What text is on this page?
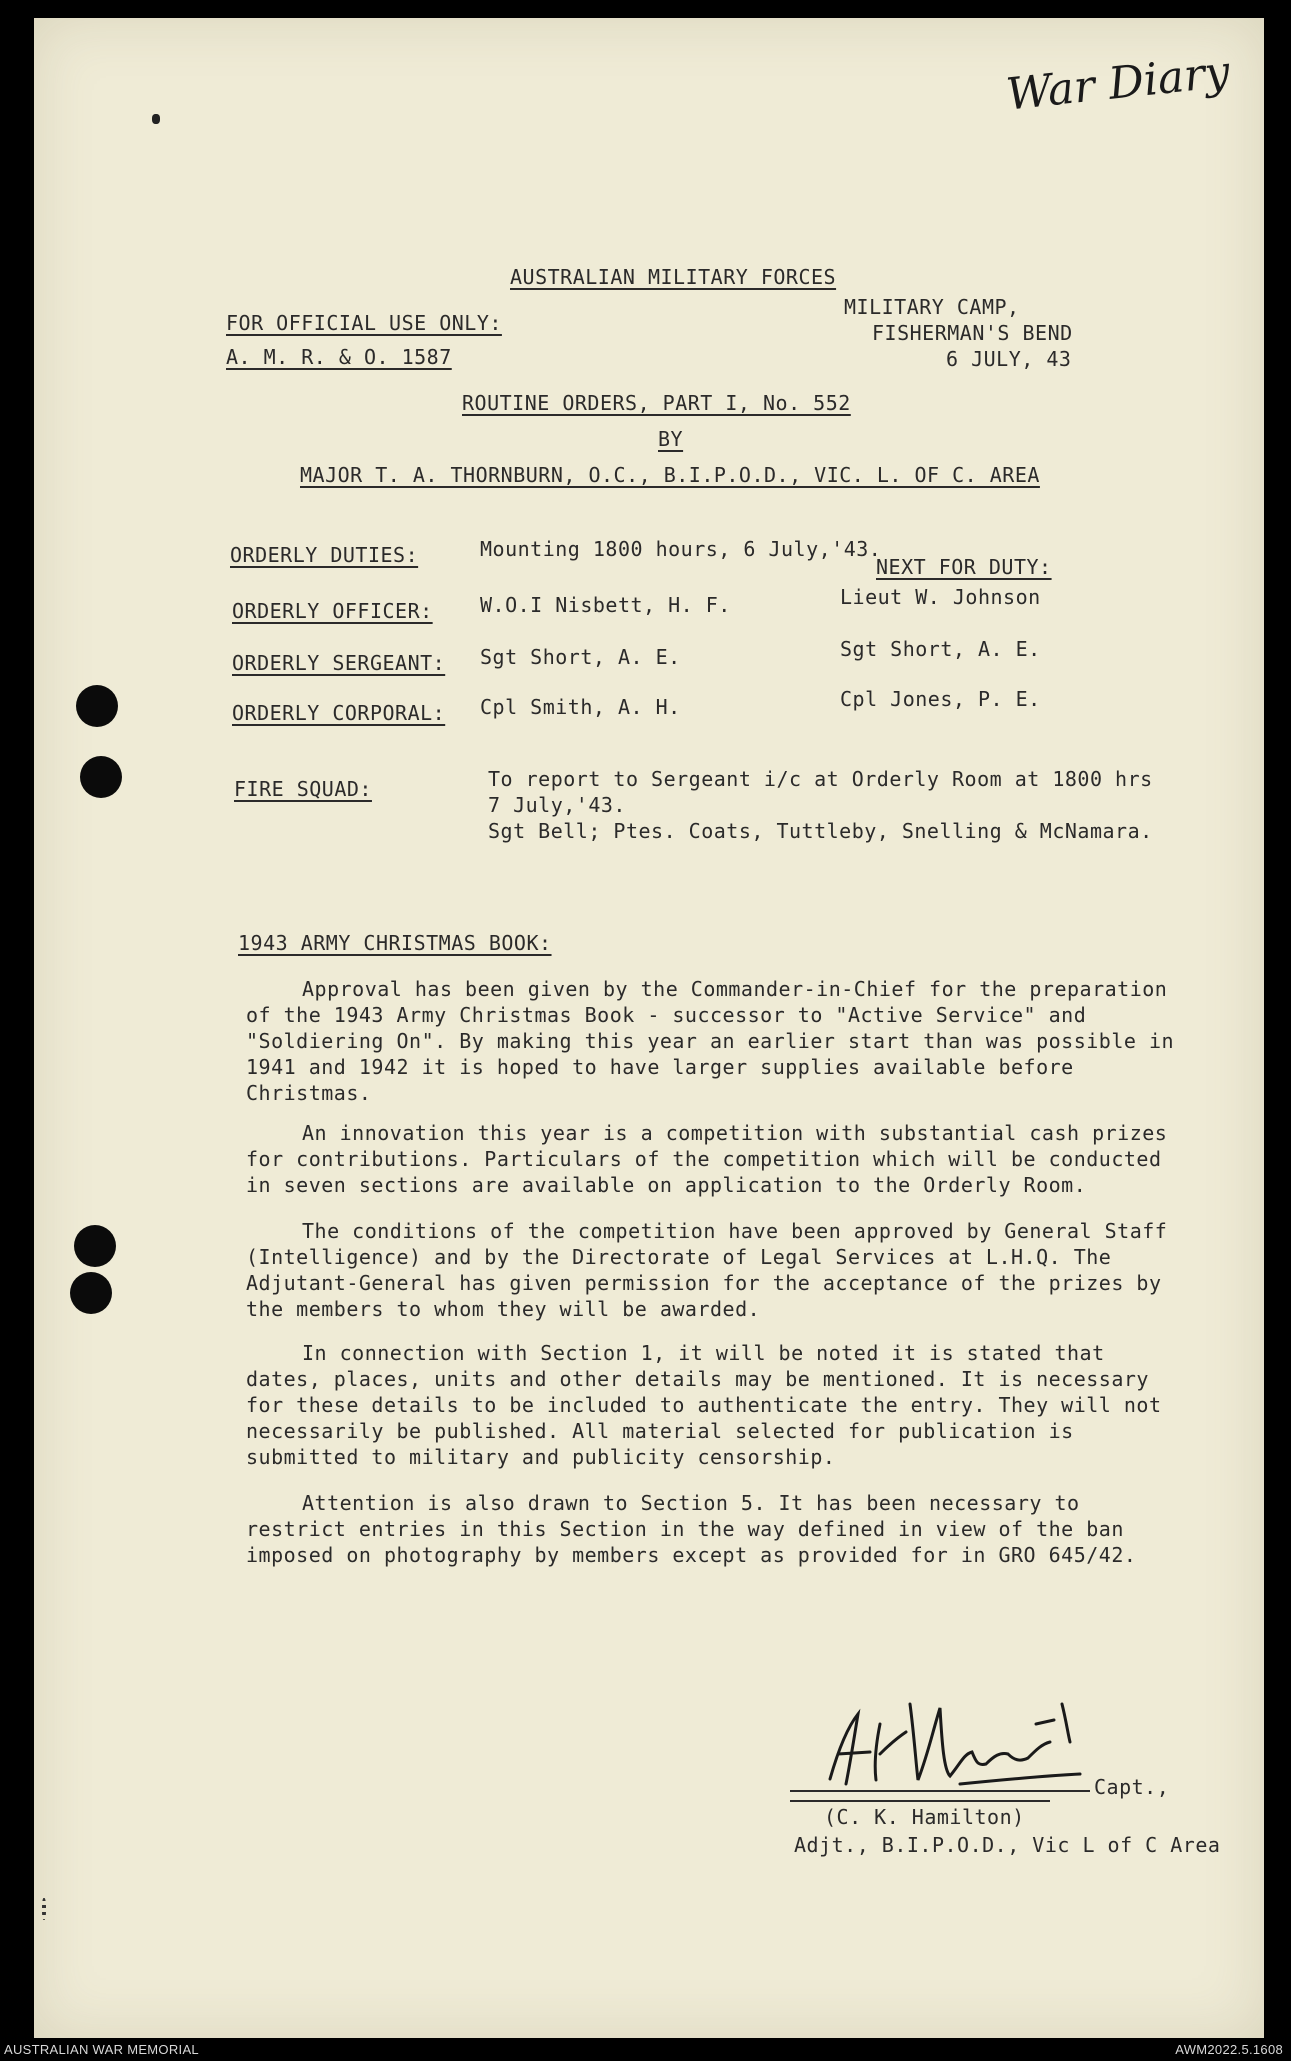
War Diary
AUSTRALIAN MILITARY FORCES
FOR OFFICIAL USE ONLY:
A. M. R. & O. 1587
MILITARY CAMP,
FISHERMAN'S BEND
6 JULY, 43
ROUTINE ORDERS, PART I, No. 552
BY
MAJOR T. A. THORNBURN, O.C., B.I.P.O.D., VIC. L. OF C. AREA
ORDERLY DUTIES:	Mounting 1800 hours, 6 July,'43.
NEXT FOR DUTY:
ORDERLY OFFICER: W.O.I Nisbett, H. F.	Lieut W. Johnson
ORDERLY SERGEANT: Sgt Short, A. E.	Sgt Short, A. E.
ORDERLY CORPORAL: Cpl Smith, A. H.	Cpl Jones, P. E.
FIRE SQUAD:	To report to Sergeant i/c at Orderly Room at 1800 hrs
7 July,'43.
Sgt Bell; Ptes. Coats, Tuttleby, Snelling & McNamara.
1943 ARMY CHRISTMAS BOOK:
Approval has been given by the Commander-in-Chief for the preparation of the 1943 Army Christmas Book - successor to "Active Service" and "Soldiering On". By making this year an earlier start than was possible in 1941 and 1942 it is hoped to have larger supplies available before Christmas.
An innovation this year is a competition with substantial cash prizes for contributions. Particulars of the competition which will be conducted in seven sections are available on application to the Orderly Room.
The conditions of the competition have been approved by General Staff (Intelligence) and by the Directorate of Legal Services at L.H.Q. The Adjutant-General has given permission for the acceptance of the prizes by the members to whom they will be awarded.
In connection with Section 1, it will be noted it is stated that dates, places, units and other details may be mentioned. It is necessary for these details to be included to authenticate the entry. They will not necessarily be published. All material selected for publication is submitted to military and publicity censorship.
Attention is also drawn to Section 5. It has been necessary to restrict entries in this Section in the way defined in view of the ban imposed on photography by members except as provided for in GRO 645/42.
Capt.,
(C. K. Hamilton)
Adjt., B.I.P.O.D., Vic L of C Area
AUSTRALIAN WAR MEMORIAL	AWM2022.5.1608
